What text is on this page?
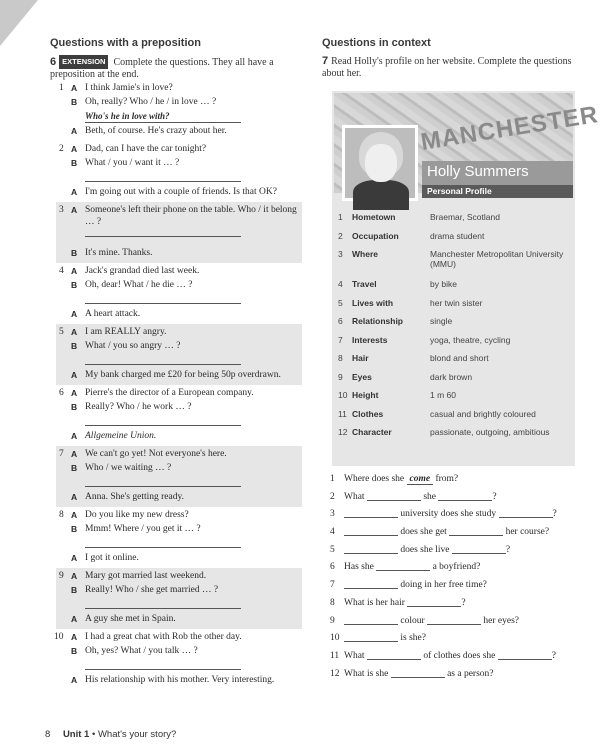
Questions with a preposition
6 EXTENSION Complete the questions. They all have a preposition at the end.
1 A I think Jamie's in love?
B Oh, really? Who / he / in love … ?
Who's he in love with?
A Beth, of course. He's crazy about her.
2 A Dad, can I have the car tonight?
B What / you / want it … ?
A I'm going out with a couple of friends. Is that OK?
3 A Someone's left their phone on the table. Who / it belong … ?
B It's mine. Thanks.
4 A Jack's grandad died last week.
B Oh, dear! What / he die … ?
A A heart attack.
5 A I am REALLY angry.
B What / you so angry … ?
A My bank charged me £20 for being 50p overdrawn.
6 A Pierre's the director of a European company.
B Really? Who / he work … ?
A Allgemeine Union.
7 A We can't go yet! Not everyone's here.
B Who / we waiting … ?
A Anna. She's getting ready.
8 A Do you like my new dress?
B Mmm! Where / you get it … ?
A I got it online.
9 A Mary got married last weekend.
B Really! Who / she get married … ?
A A guy she met in Spain.
10 A I had a great chat with Rob the other day.
B Oh, yes? What / you talk … ?
A His relationship with his mother. Very interesting.
Questions in context
7 Read Holly's profile on her website. Complete the questions about her.
MANCHESTER
Holly Summers
Personal Profile
1 Hometown	Braemar, Scotland
2 Occupation	drama student
3 Where	Manchester Metropolitan University (MMU)
4 Travel	by bike
5 Lives with	her twin sister
6 Relationship	single
7 Interests	yoga, theatre, cycling
8 Hair	blond and short
9 Eyes	dark brown
10 Height	1 m 60
11 Clothes	casual and brightly coloured
12 Character	passionate, outgoing, ambitious
1 Where does she come from?
2 What	she	?
3	university does she study	?
4	does she get	her course?
5	does she live	?
6 Has she	a boyfriend?
7	doing in her free time?
8 What is her hair	?
9	colour	her eyes?
10	is she?
11 What	of clothes does she	?
12 What is she	as a person?
8 Unit 1 • What's your story?
